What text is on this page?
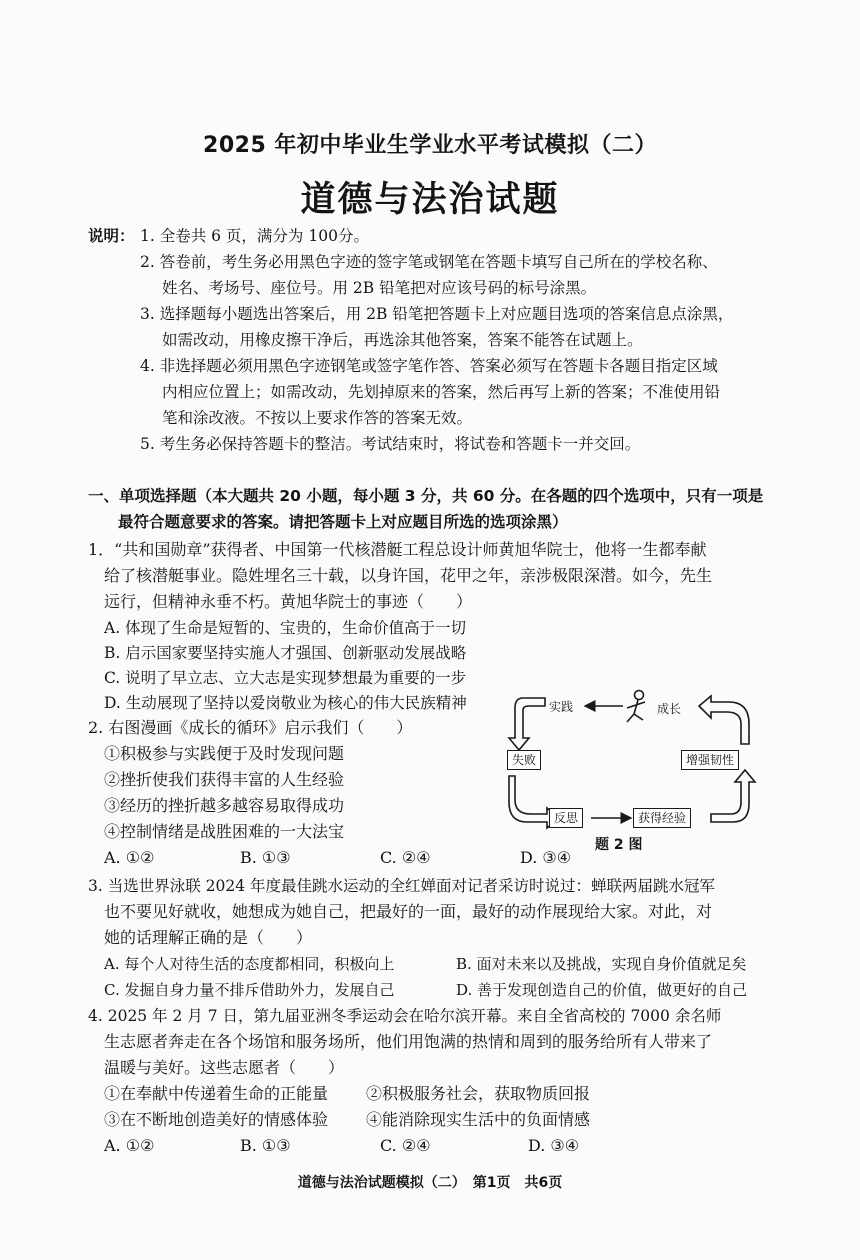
2025 年初中毕业生学业水平考试模拟（二）
道德与法治试题
说明： 1. 全卷共 6 页，满分为 100分。
2. 答卷前，考生务必用黑色字迹的签字笔或钢笔在答题卡填写自己所在的学校名称、
姓名、考场号、座位号。用 2B 铅笔把对应该号码的标号涂黑。
3. 选择题每小题选出答案后，用 2B 铅笔把答题卡上对应题目选项的答案信息点涂黑，
如需改动，用橡皮擦干净后，再选涂其他答案，答案不能答在试题上。
4. 非选择题必须用黑色字迹钢笔或签字笔作答、答案必须写在答题卡各题目指定区域
内相应位置上；如需改动，先划掉原来的答案，然后再写上新的答案；不准使用铅
笔和涂改液。不按以上要求作答的答案无效。
5. 考生务必保持答题卡的整洁。考试结束时，将试卷和答题卡一并交回。
一、单项选择题（本大题共 20 小题，每小题 3 分，共 60 分。在各题的四个选项中，只有一项是
最符合题意要求的答案。请把答题卡上对应题目所选的选项涂黑）
1．“共和国勋章”获得者、中国第一代核潜艇工程总设计师黄旭华院士，他将一生都奉献
给了核潜艇事业。隐姓埋名三十载，以身许国，花甲之年，亲涉极限深潜。如今，先生
远行，但精神永垂不朽。黄旭华院士的事迹（　　）
A. 体现了生命是短暂的、宝贵的，生命价值高于一切
B. 启示国家要坚持实施人才强国、创新驱动发展战略
C. 说明了早立志、立大志是实现梦想最为重要的一步
D. 生动展现了坚持以爱岗敬业为核心的伟大民族精神
2. 右图漫画《成长的循环》启示我们（　　）
①积极参与实践便于及时发现问题
②挫折使我们获得丰富的人生经验
③经历的挫折越多越容易取得成功
④控制情绪是战胜困难的一大法宝
A. ①②	B. ①③	C. ②④	D. ③④
实践	成长
失败	增强韧性
反思	获得经验
题 2 图
3. 当选世界泳联 2024 年度最佳跳水运动的全红婵面对记者采访时说过：蝉联两届跳水冠军
也不要见好就收，她想成为她自己，把最好的一面，最好的动作展现给大家。对此，对
她的话理解正确的是（　　）
A. 每个人对待生活的态度都相同，积极向上	B. 面对未来以及挑战，实现自身价值就足矣
C. 发掘自身力量不排斥借助外力，发展自己	D. 善于发现创造自己的价值，做更好的自己
4. 2025 年 2 月 7 日，第九届亚洲冬季运动会在哈尔滨开幕。来自全省高校的 7000 余名师
生志愿者奔走在各个场馆和服务场所，他们用饱满的热情和周到的服务给所有人带来了
温暖与美好。这些志愿者（　　）
①在奉献中传递着生命的正能量 ②积极服务社会，获取物质回报
③在不断地创造美好的情感体验 ④能消除现实生活中的负面情感
A. ①②	B. ①③	C. ②④	D. ③④
道德与法治试题模拟（二）　第1页　共6页
